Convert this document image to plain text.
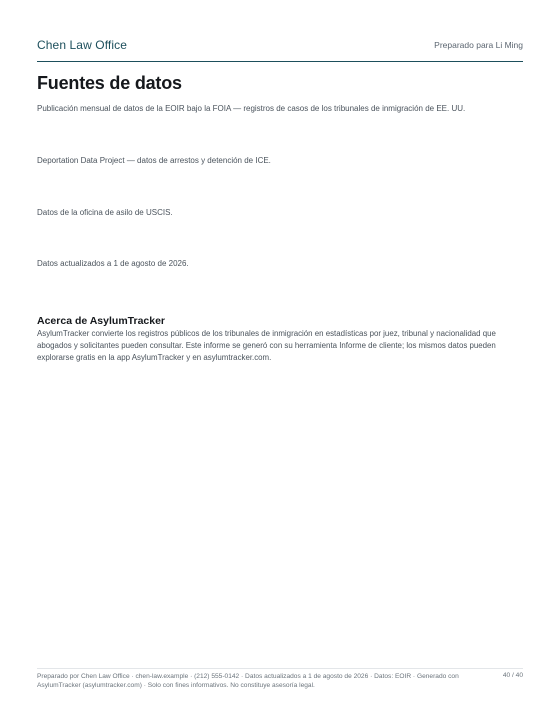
Chen Law Office	Preparado para Li Ming
Fuentes de datos

Publicación mensual de datos de la EOIR bajo la FOIA — registros de casos de los tribunales de inmigración de EE. UU.

Deportation Data Project — datos de arrestos y detención de ICE.

Datos de la oficina de asilo de USCIS.

Datos actualizados a 1 de agosto de 2026.

Acerca de AsylumTracker

AsylumTracker convierte los registros públicos de los tribunales de inmigración en estadísticas por juez, tribunal y nacionalidad que abogados y solicitantes pueden consultar. Este informe se generó con su herramienta Informe de cliente; los mismos datos pueden explorarse gratis en la app AsylumTracker y en asylumtracker.com.

Preparado por Chen Law Office · chen-law.example · (212) 555-0142 · Datos actualizados a 1 de agosto de 2026 · Datos: EOIR · Generado con AsylumTracker (asylumtracker.com) · Solo con fines informativos. No constituye asesoría legal.
40 / 40
